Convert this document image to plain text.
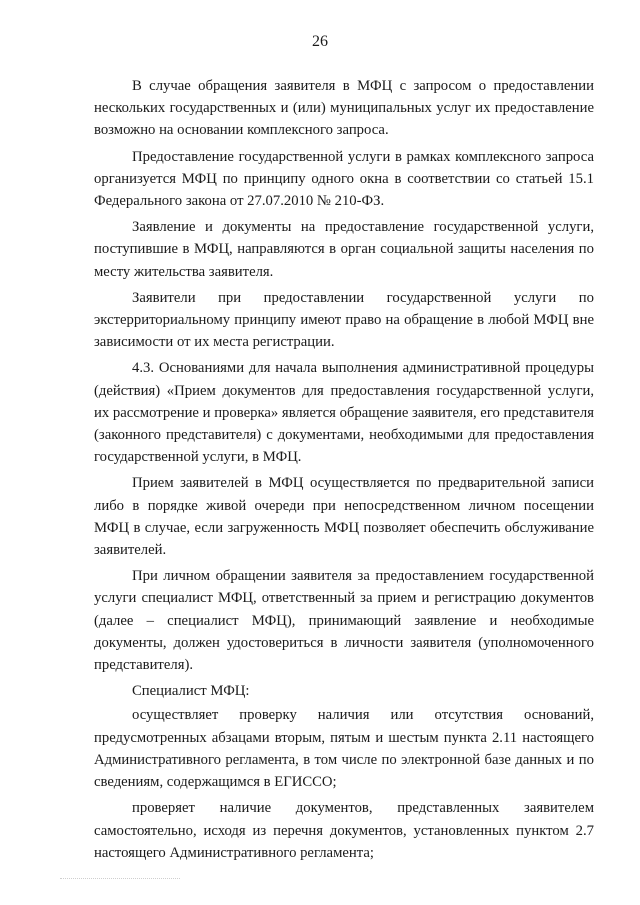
26

В случае обращения заявителя в МФЦ с запросом о предоставлении нескольких государственных и (или) муниципальных услуг их предоставление возможно на основании комплексного запроса.

Предоставление государственной услуги в рамках комплексного запроса организуется МФЦ по принципу одного окна в соответствии со статьей 15.1 Федерального закона от 27.07.2010 № 210-ФЗ.

Заявление и документы на предоставление государственной услуги, поступившие в МФЦ, направляются в орган социальной защиты населения по месту жительства заявителя.

Заявители при предоставлении государственной услуги по экстерриториальному принципу имеют право на обращение в любой МФЦ вне зависимости от их места регистрации.

4.3. Основаниями для начала выполнения административной процедуры (действия) «Прием документов для предоставления государственной услуги, их рассмотрение и проверка» является обращение заявителя, его представителя (законного представителя) с документами, необходимыми для предоставления государственной услуги, в МФЦ.

Прием заявителей в МФЦ осуществляется по предварительной записи либо в порядке живой очереди при непосредственном личном посещении МФЦ в случае, если загруженность МФЦ позволяет обеспечить обслуживание заявителей.

При личном обращении заявителя за предоставлением государственной услуги специалист МФЦ, ответственный за прием и регистрацию документов (далее – специалист МФЦ), принимающий заявление и необходимые документы, должен удостовериться в личности заявителя (уполномоченного представителя).

Специалист МФЦ:

осуществляет проверку наличия или отсутствия оснований, предусмотренных абзацами вторым, пятым и шестым пункта 2.11 настоящего Административного регламента, в том числе по электронной базе данных и по сведениям, содержащимся в ЕГИССО;

проверяет наличие документов, представленных заявителем самостоятельно, исходя из перечня документов, установленных пунктом 2.7 настоящего Административного регламента;
